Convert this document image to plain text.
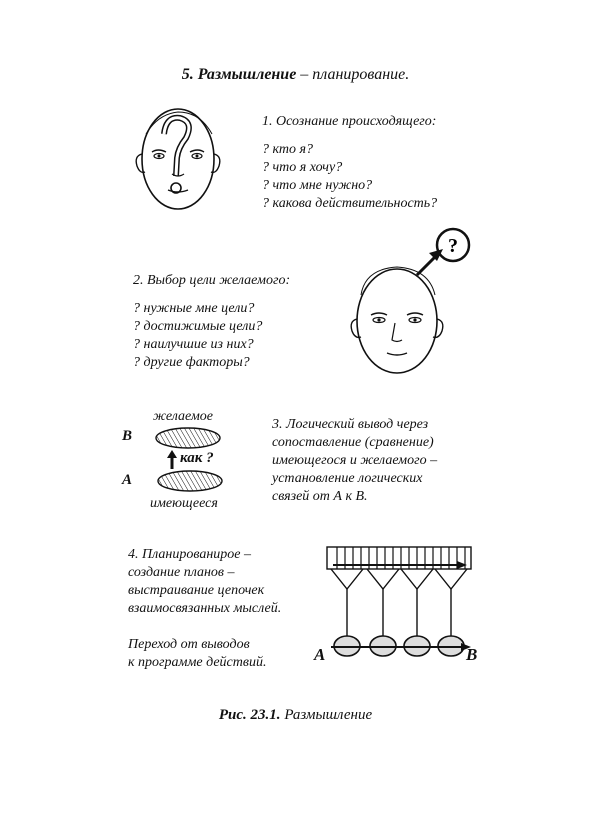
5. Размышление – планирование.
1. Осознание происходящего:
? кто я?
? что я хочу?
? что мне нужно?
? какова действительность?
2. Выбор цели желаемого:
? нужные мне цели?
? достижимые цели?
? наилучшие из них?
? другие факторы?
?
желаемое
В
А
как ?
имеющееся
3. Логический вывод через
сопоставление (сравнение)
имеющегося и желаемого –
установление логических
связей от А к В.
4. Планированироe –
создание планов –
выстраивание цепочек
взаимосвязанных мыслей.
Переход от выводов
к программе действий.	А	В
Рис. 23.1. Размышление
